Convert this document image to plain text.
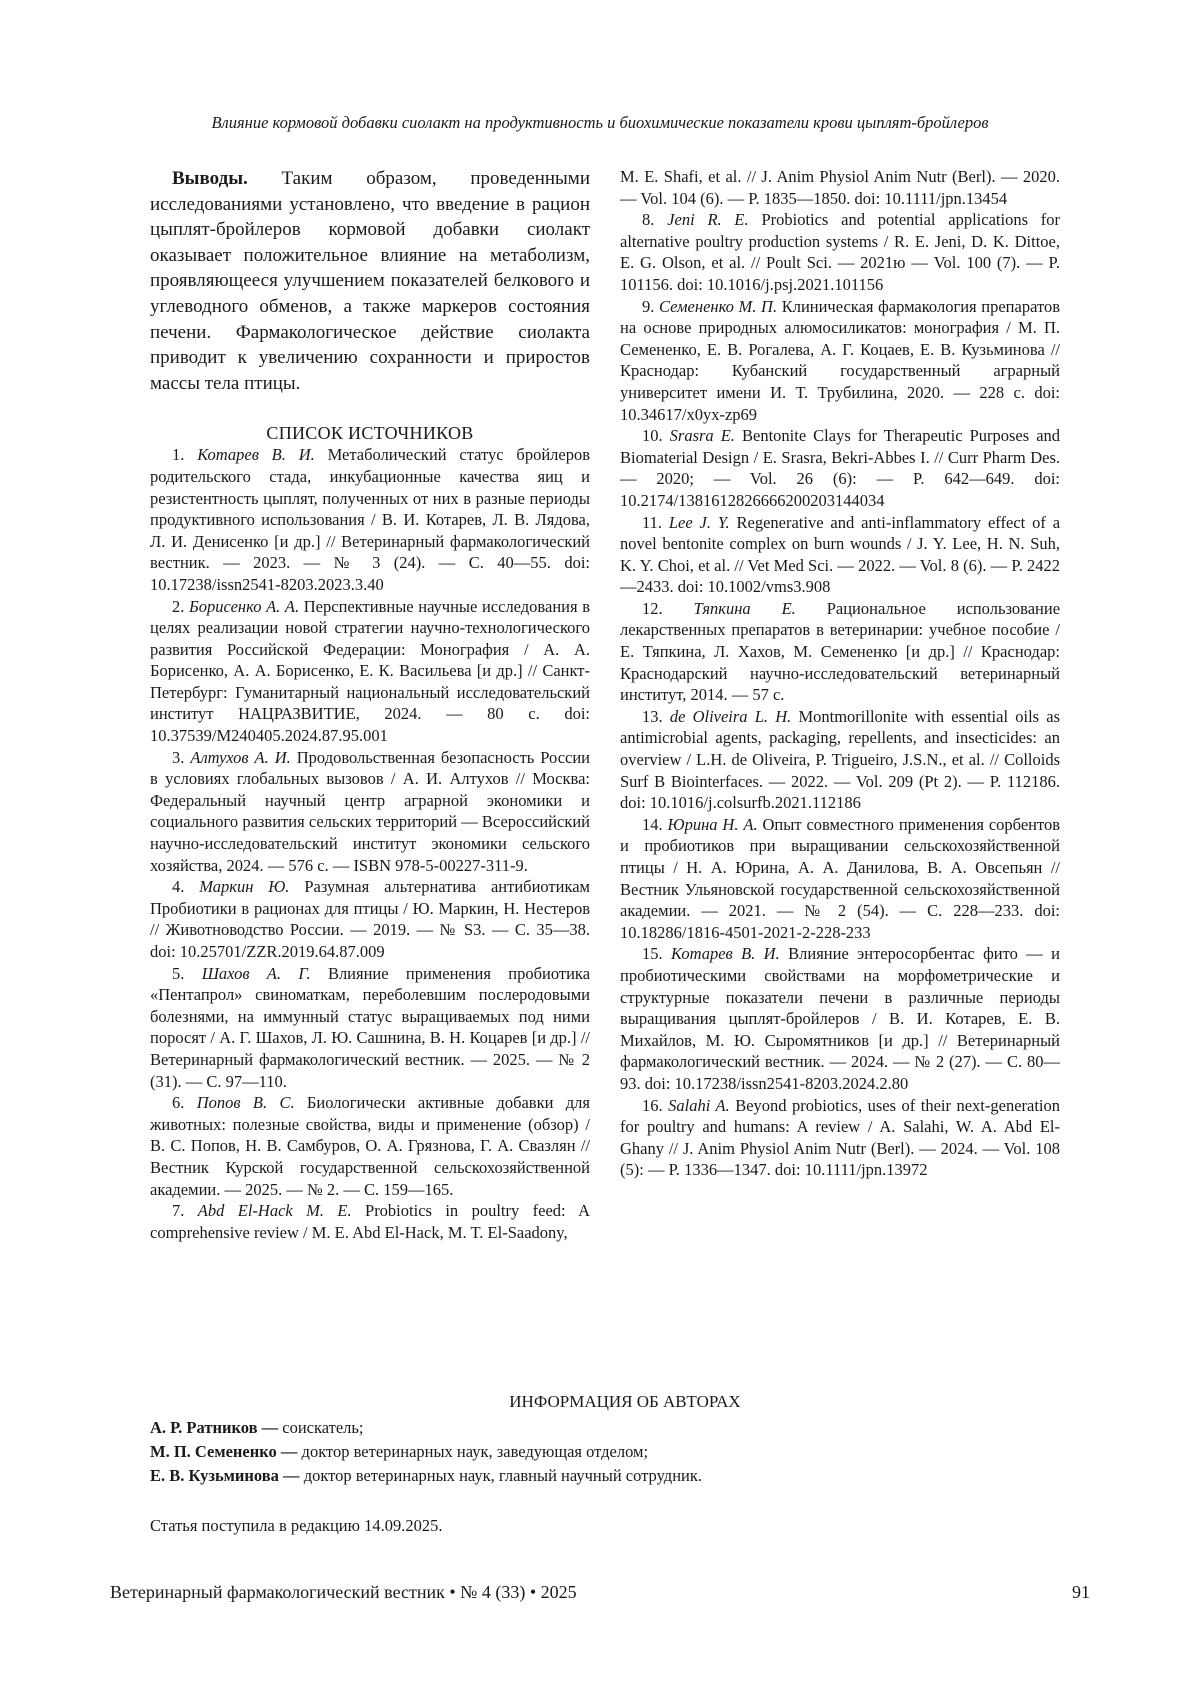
Влияние кормовой добавки сиолакт на продуктивность и биохимические показатели крови цыплят-бройлеров

Выводы. Таким образом, проведенными исследованиями установлено, что введение в рацион цыплят-бройлеров кормовой добавки сиолакт оказывает положительное влияние на метаболизм, проявляющееся улучшением показателей белкового и углеводного обменов, а также маркеров состояния печени. Фармакологическое действие сиолакта приводит к увеличению сохранности и приростов массы тела птицы.

СПИСОК ИСТОЧНИКОВ

1. Котарев В. И. Метаболический статус бройлеров родительского стада, инкубационные качества яиц и резистентность цыплят, полученных от них в разные периоды продуктивного использования / В. И. Котарев, Л. В. Лядова, Л. И. Денисенко [и др.] // Ветеринарный фармакологический вестник. — 2023. — № 3 (24). — С. 40—55. doi: 10.17238/issn2541-8203.2023.3.40

2. Борисенко А. А. Перспективные научные исследования в целях реализации новой стратегии научно-технологического развития Российской Федерации: Монография / А. А. Борисенко, А. А. Борисенко, Е. К. Васильева [и др.] // Санкт-Петербург: Гуманитарный национальный исследовательский институт НАЦРАЗВИТИЕ, 2024. — 80 с. doi: 10.37539/M240405.2024.87.95.001

3. Алтухов А. И. Продовольственная безопасность России в условиях глобальных вызовов / А. И. Алтухов // Москва: Федеральный научный центр аграрной экономики и социального развития сельских территорий — Всероссийский научно-исследовательский институт экономики сельского хозяйства, 2024. — 576 с. — ISBN 978-5-00227-311-9.

4. Маркин Ю. Разумная альтернатива антибиотикам Пробиотики в рационах для птицы / Ю. Маркин, Н. Нестеров // Животноводство России. — 2019. — № S3. — С. 35—38. doi: 10.25701/ZZR.2019.64.87.009

5. Шахов А. Г. Влияние применения пробиотика «Пентапрол» свиноматкам, переболевшим послеродовыми болезнями, на иммунный статус выращиваемых под ними поросят / А. Г. Шахов, Л. Ю. Сашнина, В. Н. Коцарев [и др.] // Ветеринарный фармакологический вестник. — 2025. — № 2 (31). — С. 97—110.

6. Попов В. С. Биологически активные добавки для животных: полезные свойства, виды и применение (обзор) / В. С. Попов, Н. В. Самбуров, О. А. Грязнова, Г. А. Свазлян // Вестник Курской государственной сельскохозяйственной академии. — 2025. — № 2. — С. 159—165.

7. Abd El-Hack M. E. Probiotics in poultry feed: A comprehensive review / M. E. Abd El-Hack, M. T. El-Saadony,

M. E. Shafi, et al. // J. Anim Physiol Anim Nutr (Berl). — 2020. — Vol. 104 (6). — P. 1835—1850. doi: 10.1111/jpn.13454

8. Jeni R. E. Probiotics and potential applications for alternative poultry production systems / R. E. Jeni, D. K. Dittoe, E. G. Olson, et al. // Poult Sci. — 2021ю — Vol. 100 (7). — P. 101156. doi: 10.1016/j.psj.2021.101156

9. Семененко М. П. Клиническая фармакология препаратов на основе природных алюмосиликатов: монография / М. П. Семененко, Е. В. Рогалева, А. Г. Коцаев, Е. В. Кузьминова // Краснодар: Кубанский государственный аграрный университет имени И. Т. Трубилина, 2020. — 228 с. doi: 10.34617/x0yx-zp69

10. Srasra E. Bentonite Clays for Therapeutic Purposes and Biomaterial Design / E. Srasra, Bekri-Abbes I. // Curr Pharm Des. — 2020; — Vol. 26 (6): — P. 642—649. doi: 10.2174/1381612826666200203144034

11. Lee J. Y. Regenerative and anti-inflammatory effect of a novel bentonite complex on burn wounds / J. Y. Lee, H. N. Suh, K. Y. Choi, et al. // Vet Med Sci. — 2022. — Vol. 8 (6). — P. 2422—2433. doi: 10.1002/vms3.908

12. Тяпкина Е. Рациональное использование лекарственных препаратов в ветеринарии: учебное пособие / Е. Тяпкина, Л. Хахов, М. Семененко [и др.] // Краснодар: Краснодарский научно-исследовательский ветеринарный институт, 2014. — 57 с.

13. de Oliveira L. H. Montmorillonite with essential oils as antimicrobial agents, packaging, repellents, and insecticides: an overview / L.H. de Oliveira, P. Trigueiro, J.S.N., et al. // Colloids Surf B Biointerfaces. — 2022. — Vol. 209 (Pt 2). — P. 112186. doi: 10.1016/j.colsurfb.2021.112186

14. Юрина Н. А. Опыт совместного применения сорбентов и пробиотиков при выращивании сельскохозяйственной птицы / Н. А. Юрина, А. А. Данилова, В. А. Овсепьян // Вестник Ульяновской государственной сельскохозяйственной академии. — 2021. — № 2 (54). — С. 228—233. doi: 10.18286/1816-4501-2021-2-228-233

15. Котарев В. И. Влияние энтеросорбентас фито — и пробиотическими свойствами на морфометрические и структурные показатели печени в различные периоды выращивания цыплят-бройлеров / В. И. Котарев, Е. В. Михайлов, М. Ю. Сыромятников [и др.] // Ветеринарный фармакологический вестник. — 2024. — № 2 (27). — С. 80—93. doi: 10.17238/issn2541-8203.2024.2.80

16. Salahi A. Beyond probiotics, uses of their next-generation for poultry and humans: A review / A. Salahi, W. A. Abd El-Ghany // J. Anim Physiol Anim Nutr (Berl). — 2024. — Vol. 108 (5): — P. 1336—1347. doi: 10.1111/jpn.13972

ИНФОРМАЦИЯ ОБ АВТОРАХ

А. Р. Ратников — соискатель;

М. П. Семененко — доктор ветеринарных наук, заведующая отделом;

Е. В. Кузьминова — доктор ветеринарных наук, главный научный сотрудник.

Статья поступила в редакцию 14.09.2025.
Ветеринарный фармакологический вестник • № 4 (33) • 2025	91
